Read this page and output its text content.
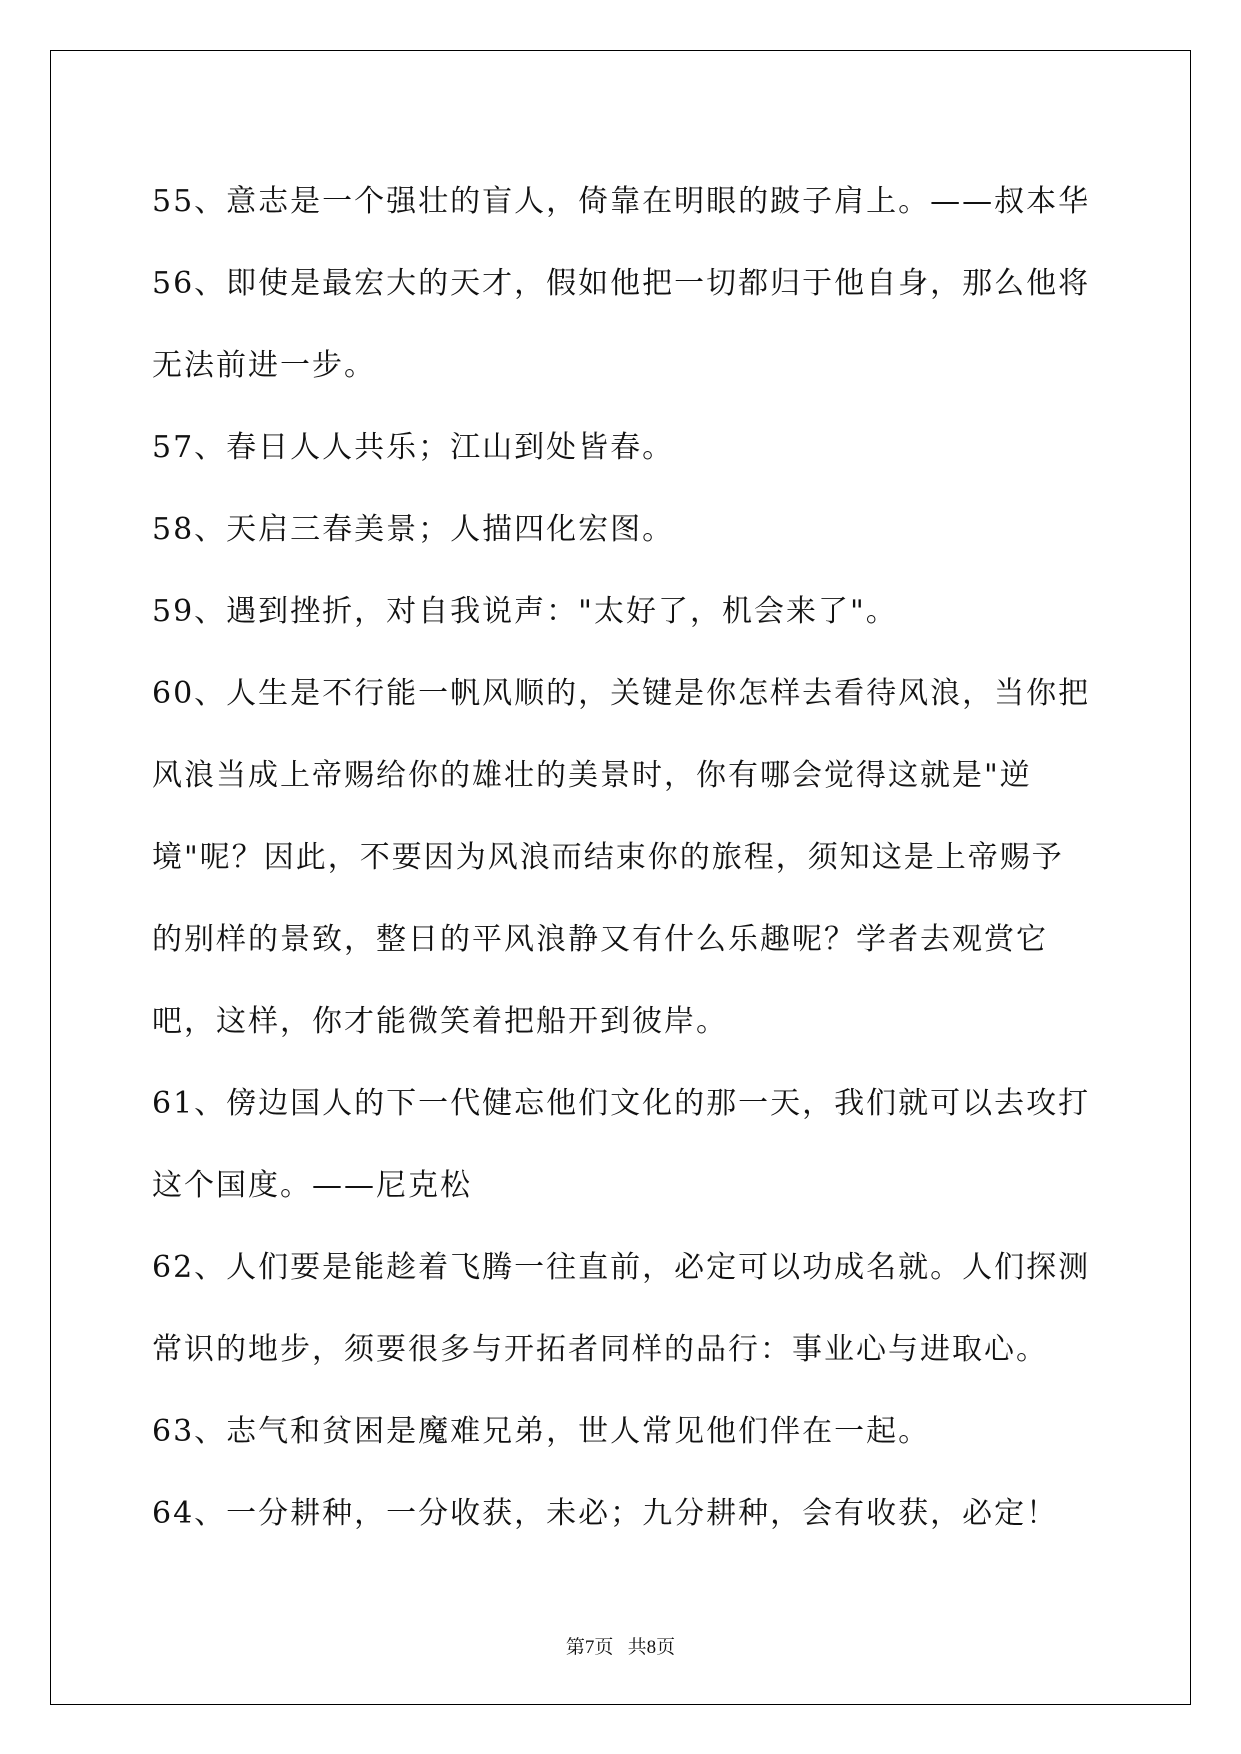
55、意志是一个强壮的盲人，倚靠在明眼的跛子肩上。——叔本华

56、即使是最宏大的天才，假如他把一切都归于他自身，那么他将无法前进一步。

57、春日人人共乐；江山到处皆春。

58、天启三春美景；人描四化宏图。

59、遇到挫折，对自我说声："太好了，机会来了"。

60、人生是不行能一帆风顺的，关键是你怎样去看待风浪，当你把风浪当成上帝赐给你的雄壮的美景时，你有哪会觉得这就是"逆境"呢？因此，不要因为风浪而结束你的旅程，须知这是上帝赐予的别样的景致，整日的平风浪静又有什么乐趣呢？学者去观赏它吧，这样，你才能微笑着把船开到彼岸。

61、傍边国人的下一代健忘他们文化的那一天，我们就可以去攻打这个国度。——尼克松

62、人们要是能趁着飞腾一往直前，必定可以功成名就。人们探测常识的地步，须要很多与开拓者同样的品行：事业心与进取心。

63、志气和贫困是魔难兄弟，世人常见他们伴在一起。

64、一分耕种，一分收获，未必；九分耕种，会有收获，必定！

第7页   共8页
